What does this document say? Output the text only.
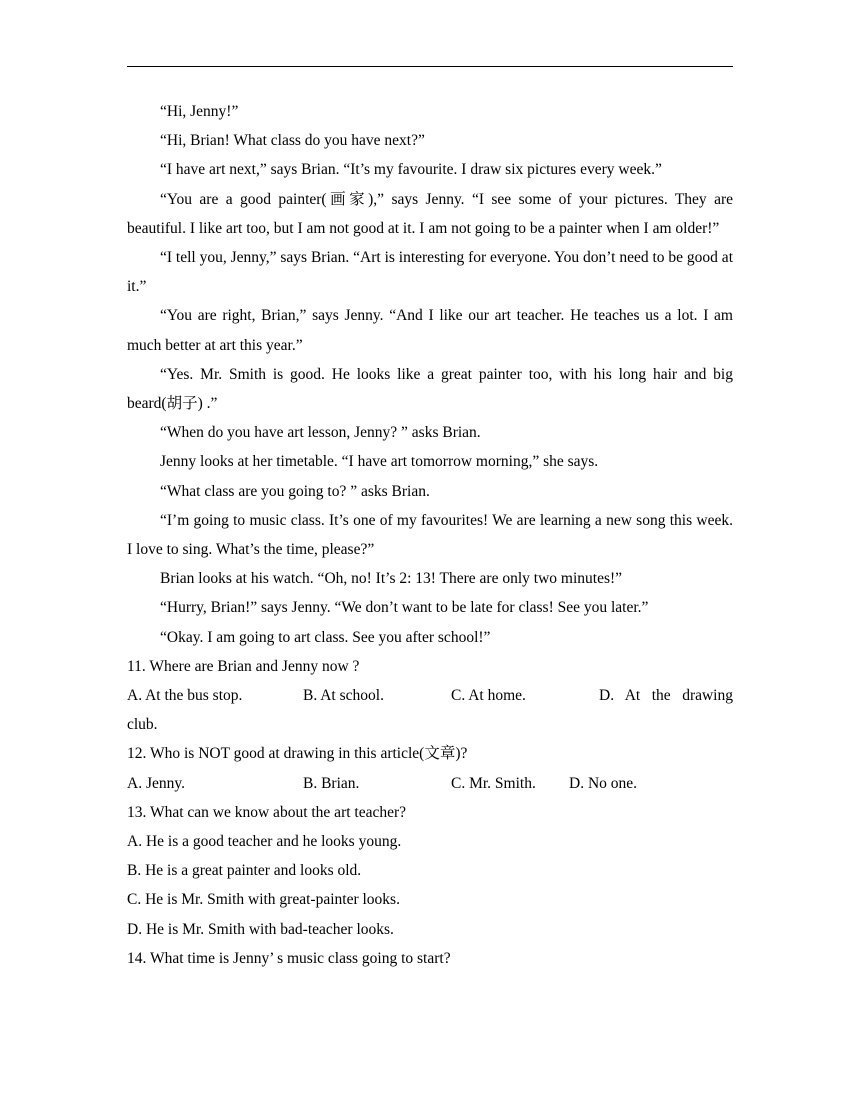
“Hi, Jenny!”

“Hi, Brian! What class do you have next?”

“I have art next,” says Brian. “It’s my favourite. I draw six pictures every week.”

“You are a good painter(画家),” says Jenny. “I see some of your pictures. They are beautiful. I like art too, but I am not good at it. I am not going to be a painter when I am older!”

“I tell you, Jenny,” says Brian. “Art is interesting for everyone. You don’t need to be good at it.”

“You are right, Brian,” says Jenny. “And I like our art teacher. He teaches us a lot. I am much better at art this year.”

“Yes. Mr. Smith is good. He looks like a great painter too, with his long hair and big beard(胡子) .”

“When do you have art lesson, Jenny? ” asks Brian.

Jenny looks at her timetable. “I have art tomorrow morning,” she says.

“What class are you going to? ” asks Brian.

“I’m going to music class. It’s one of my favourites! We are learning a new song this week. I love to sing. What’s the time, please?”

Brian looks at his watch. “Oh, no! It’s 2: 13! There are only two minutes!”

“Hurry, Brian!” says Jenny. “We don’t want to be late for class! See you later.”

“Okay. I am going to art class. See you after school!”

11. Where are Brian and Jenny now ?

A. At the bus stop.	B. At school.	C. At home.	D. At the drawing

club.

12. Who is NOT good at drawing in this article(文章)?

A. Jenny.	B. Brian.	C. Mr. Smith.	D. No one.

13. What can we know about the art teacher?

A. He is a good teacher and he looks young.

B. He is a great painter and looks old.

C. He is Mr. Smith with great-painter looks.

D. He is Mr. Smith with bad-teacher looks.

14. What time is Jenny’ s music class going to start?
